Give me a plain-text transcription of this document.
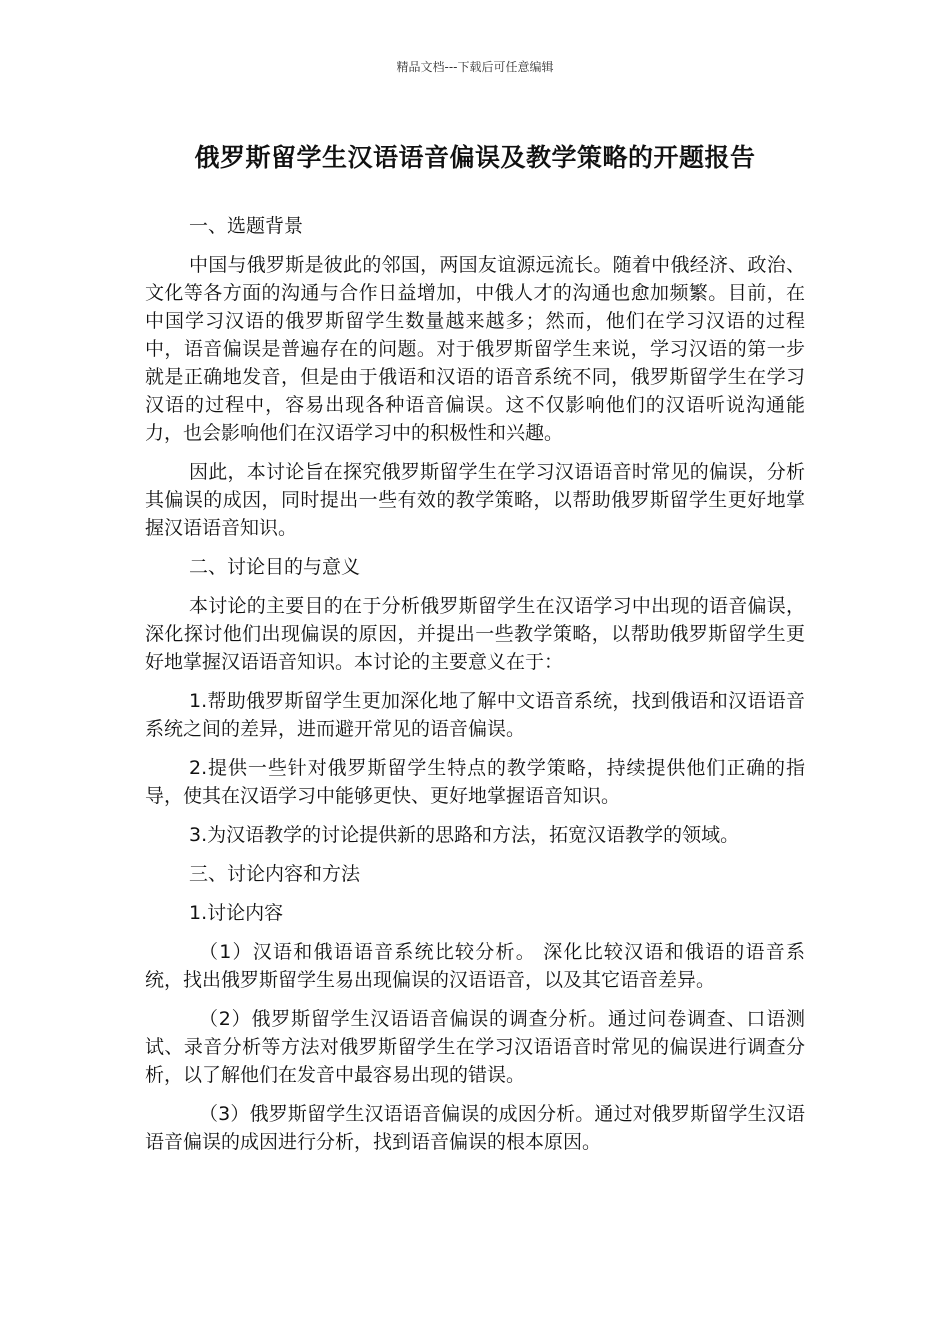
精品文档---下载后可任意编辑
俄罗斯留学生汉语语音偏误及教学策略的开题报告

一、选题背景

中国与俄罗斯是彼此的邻国，两国友谊源远流长。随着中俄经济、政治、文化等各方面的沟通与合作日益增加，中俄人才的沟通也愈加频繁。目前，在中国学习汉语的俄罗斯留学生数量越来越多；然而，他们在学习汉语的过程中，语音偏误是普遍存在的问题。对于俄罗斯留学生来说，学习汉语的第一步就是正确地发音，但是由于俄语和汉语的语音系统不同，俄罗斯留学生在学习汉语的过程中，容易出现各种语音偏误。这不仅影响他们的汉语听说沟通能力，也会影响他们在汉语学习中的积极性和兴趣。

因此，本讨论旨在探究俄罗斯留学生在学习汉语语音时常见的偏误，分析其偏误的成因，同时提出一些有效的教学策略，以帮助俄罗斯留学生更好地掌握汉语语音知识。

二、讨论目的与意义

本讨论的主要目的在于分析俄罗斯留学生在汉语学习中出现的语音偏误，深化探讨他们出现偏误的原因，并提出一些教学策略，以帮助俄罗斯留学生更好地掌握汉语语音知识。本讨论的主要意义在于：

1.帮助俄罗斯留学生更加深化地了解中文语音系统，找到俄语和汉语语音系统之间的差异，进而避开常见的语音偏误。

2.提供一些针对俄罗斯留学生特点的教学策略，持续提供他们正确的指导，使其在汉语学习中能够更快、更好地掌握语音知识。

3.为汉语教学的讨论提供新的思路和方法，拓宽汉语教学的领域。

三、讨论内容和方法

1.讨论内容

（1）汉语和俄语语音系统比较分析。 深化比较汉语和俄语的语音系统，找出俄罗斯留学生易出现偏误的汉语语音，以及其它语音差异。

（2）俄罗斯留学生汉语语音偏误的调查分析。通过问卷调查、口语测试、录音分析等方法对俄罗斯留学生在学习汉语语音时常见的偏误进行调查分析，以了解他们在发音中最容易出现的错误。

（3）俄罗斯留学生汉语语音偏误的成因分析。通过对俄罗斯留学生汉语语音偏误的成因进行分析，找到语音偏误的根本原因。
